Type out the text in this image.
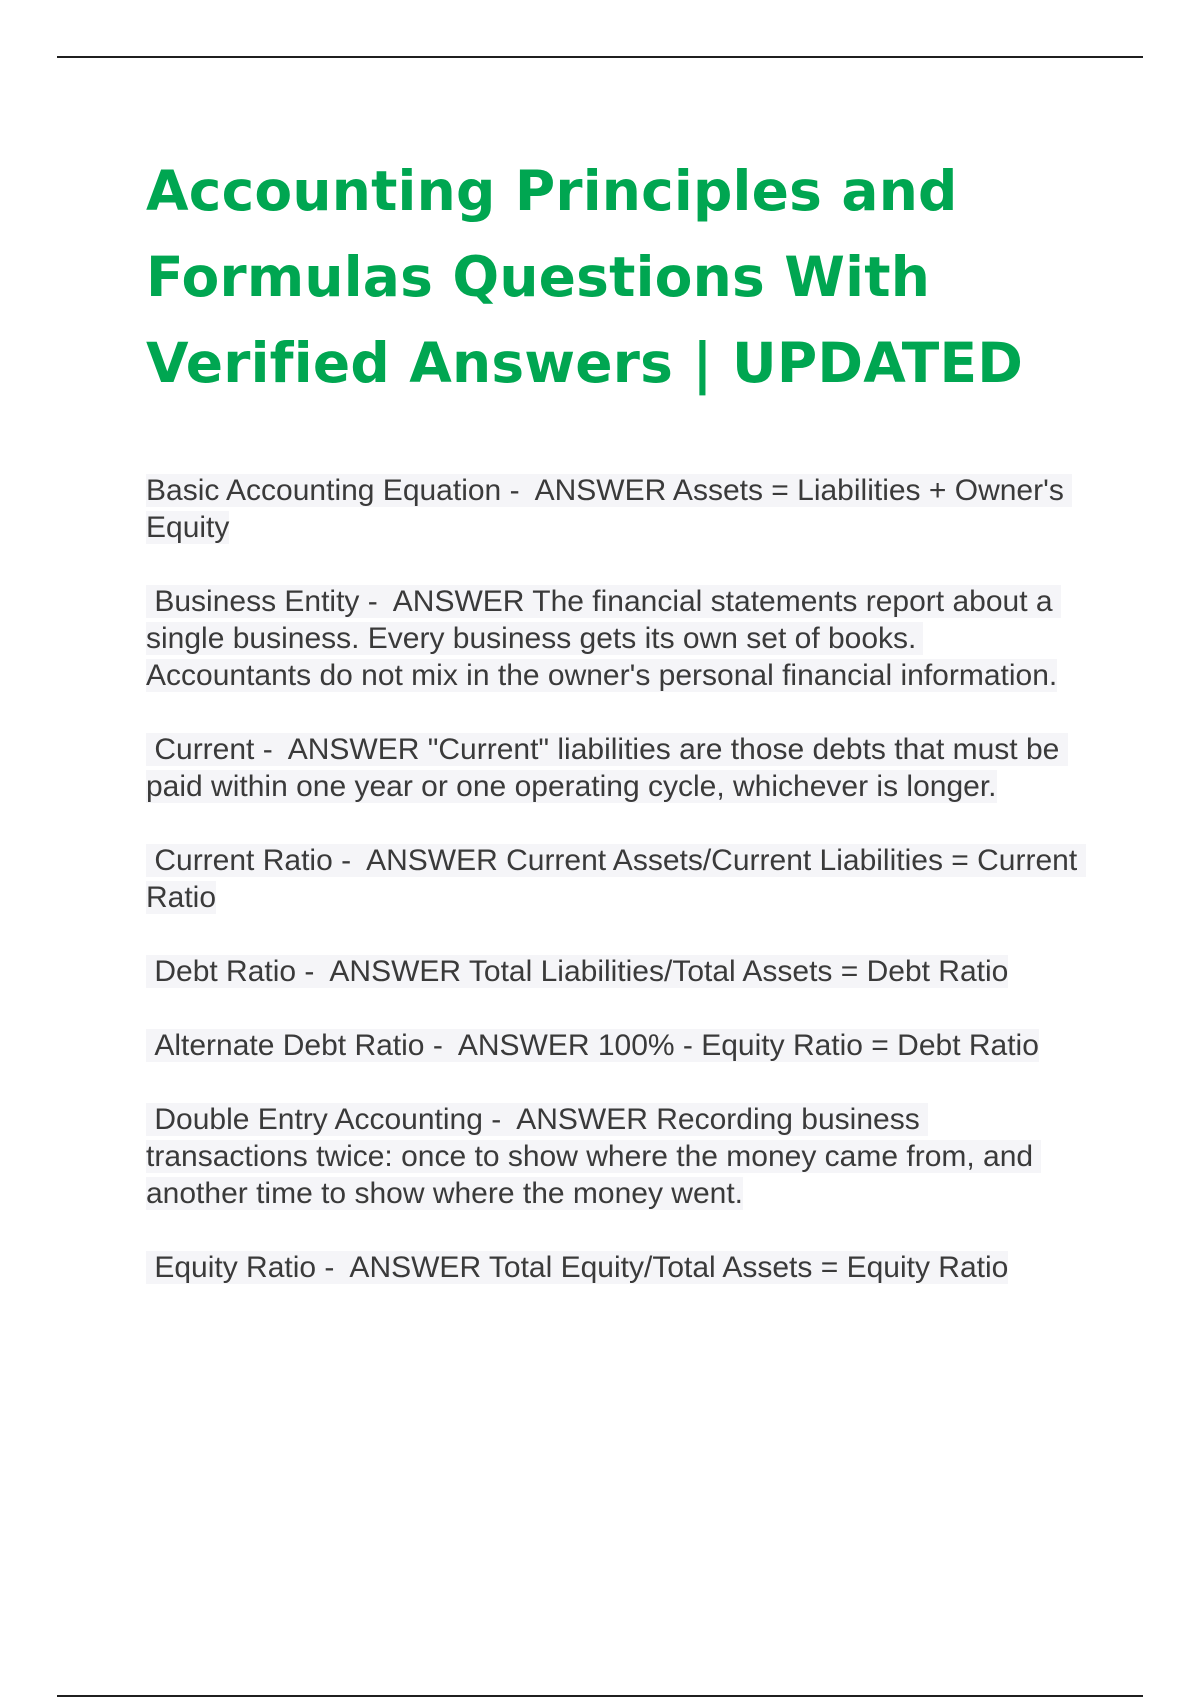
Accounting Principles and Formulas Questions With Verified Answers | UPDATED
Basic Accounting Equation -  ANSWER Assets = Liabilities + Owner's Equity
Business Entity -  ANSWER The financial statements report about a single business. Every business gets its own set of books. Accountants do not mix in the owner's personal financial information.
Current -  ANSWER "Current" liabilities are those debts that must be paid within one year or one operating cycle, whichever is longer.
Current Ratio -  ANSWER Current Assets/Current Liabilities = Current Ratio
Debt Ratio -  ANSWER Total Liabilities/Total Assets = Debt Ratio
Alternate Debt Ratio -  ANSWER 100% - Equity Ratio = Debt Ratio
Double Entry Accounting -  ANSWER Recording business transactions twice: once to show where the money came from, and another time to show where the money went.
Equity Ratio -  ANSWER Total Equity/Total Assets = Equity Ratio
